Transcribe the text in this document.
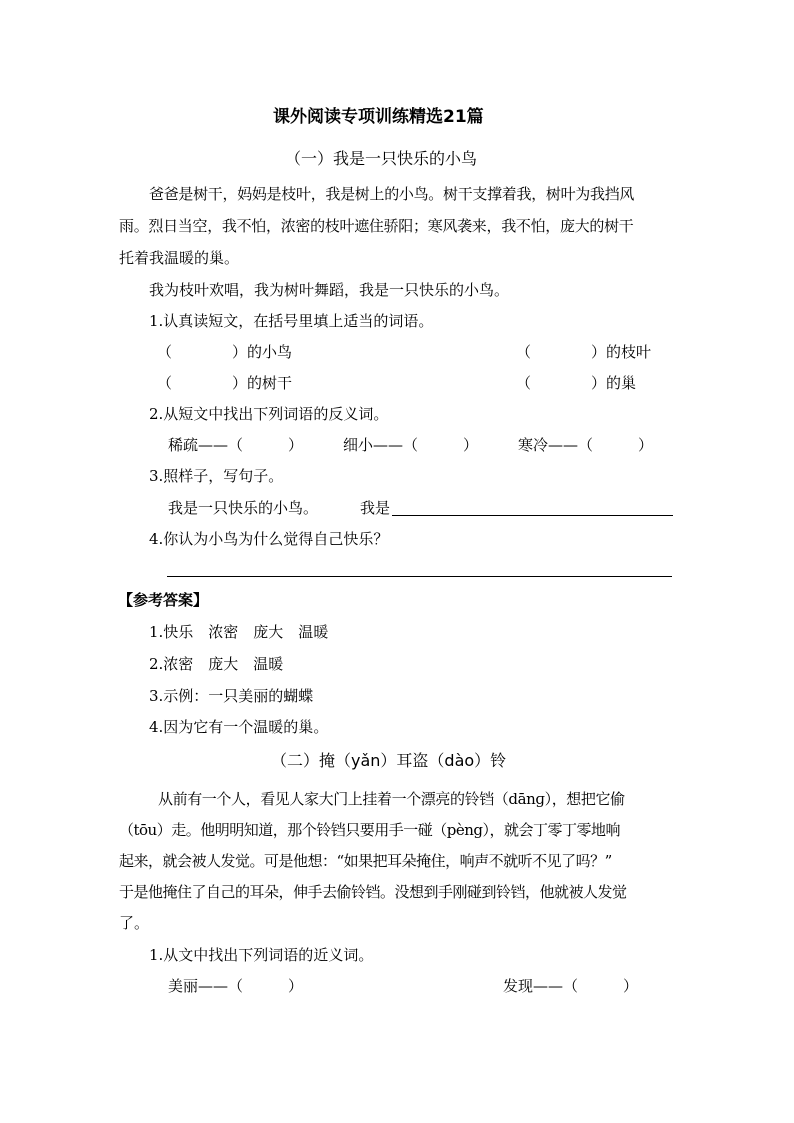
课外阅读专项训练精选21篇
（一）我是一只快乐的小鸟
爸爸是树干，妈妈是枝叶，我是树上的小鸟。树干支撑着我，树叶为我挡风
雨。烈日当空，我不怕，浓密的枝叶遮住骄阳；寒风袭来，我不怕，庞大的树干
托着我温暖的巢。
我为枝叶欢唱，我为树叶舞蹈，我是一只快乐的小鸟。
1.认真读短文，在括号里填上适当的词语。
（　　　　）的小鸟	（　　　　）的枝叶
（　　　　）的树干	（　　　　）的巢
2.从短文中找出下列词语的反义词。
稀疏——（　　　）	细小——（　　　）	寒冷——（　　　）
3.照样子，写句子。
我是一只快乐的小鸟。	我是
4.你认为小鸟为什么觉得自己快乐？
【参考答案】
1.快乐　浓密　庞大　温暖
2.浓密　庞大　温暖
3.示例：一只美丽的蝴蝶
4.因为它有一个温暖的巢。
（二）掩（yǎn）耳盗（dào）铃
从前有一个人，看见人家大门上挂着一个漂亮的铃铛（dānɡ），想把它偷
（tōu）走。他明明知道，那个铃铛只要用手一碰（pèng），就会丁零丁零地响
起来，就会被人发觉。可是他想：“如果把耳朵掩住，响声不就听不见了吗？”
于是他掩住了自己的耳朵，伸手去偷铃铛。没想到手刚碰到铃铛，他就被人发觉
了。
1.从文中找出下列词语的近义词。
美丽——（　　　）	发现——（　　　）
